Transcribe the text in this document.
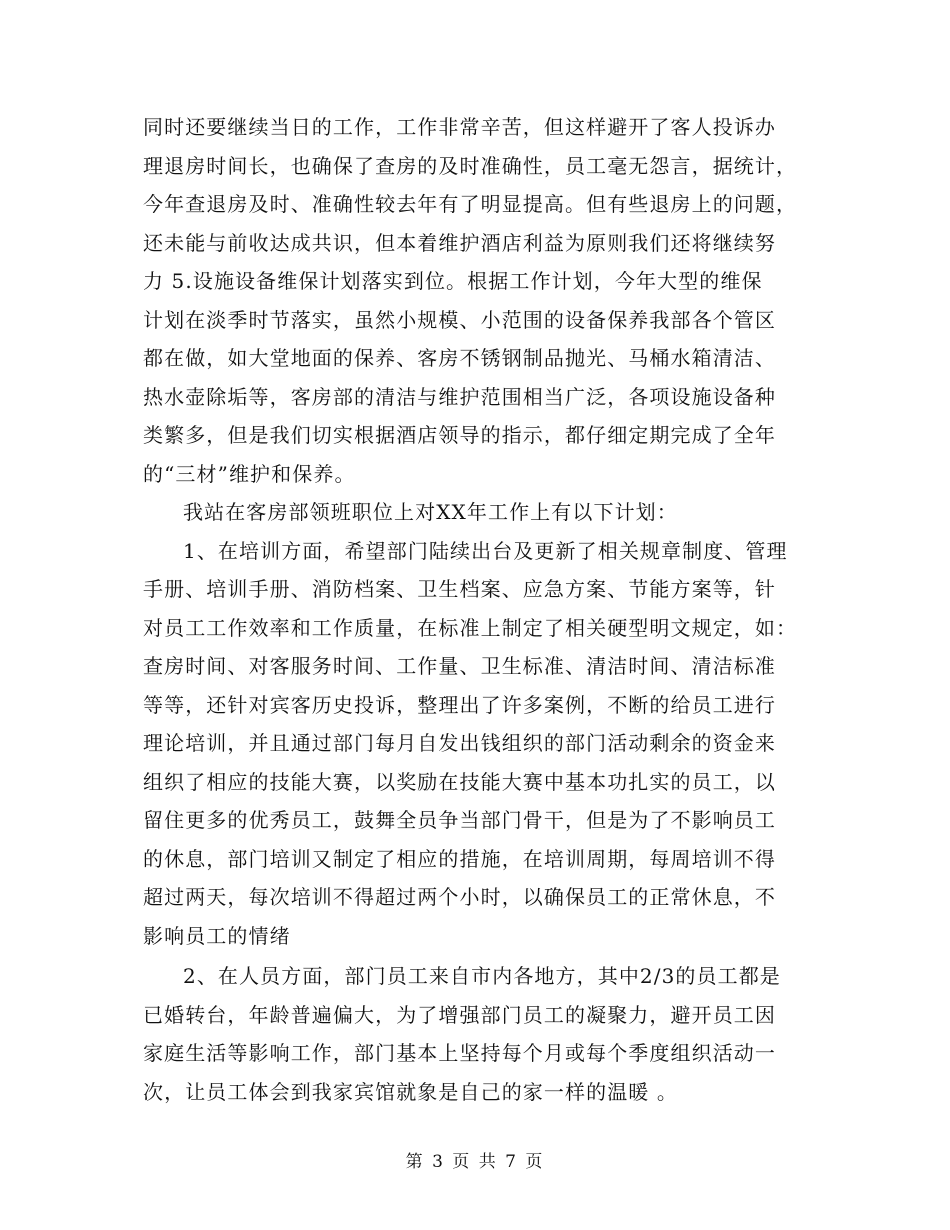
同时还要继续当日的工作，工作非常辛苦，但这样避开了客人投诉办
理退房时间长，也确保了查房的及时准确性，员工毫无怨言，据统计，
今年查退房及时、准确性较去年有了明显提高。但有些退房上的问题，
还未能与前收达成共识，但本着维护酒店利益为原则我们还将继续努
力 5.设施设备维保计划落实到位。根据工作计划，今年大型的维保
计划在淡季时节落实，虽然小规模、小范围的设备保养我部各个管区
都在做，如大堂地面的保养、客房不锈钢制品抛光、马桶水箱清洁、
热水壶除垢等，客房部的清洁与维护范围相当广泛，各项设施设备种
类繁多，但是我们切实根据酒店领导的指示，都仔细定期完成了全年
的“三材”维护和保养。

我站在客房部领班职位上对XX年工作上有以下计划：

1、在培训方面，希望部门陆续出台及更新了相关规章制度、管理
手册、培训手册、消防档案、卫生档案、应急方案、节能方案等，针
对员工工作效率和工作质量，在标准上制定了相关硬型明文规定，如：
查房时间、对客服务时间、工作量、卫生标准、清洁时间、清洁标准
等等，还针对宾客历史投诉，整理出了许多案例，不断的给员工进行
理论培训，并且通过部门每月自发出钱组织的部门活动剩余的资金来
组织了相应的技能大赛，以奖励在技能大赛中基本功扎实的员工，以
留住更多的优秀员工，鼓舞全员争当部门骨干，但是为了不影响员工
的休息，部门培训又制定了相应的措施，在培训周期，每周培训不得
超过两天，每次培训不得超过两个小时，以确保员工的正常休息，不
影响员工的情绪

2、在人员方面，部门员工来自市内各地方，其中2/3的员工都是
已婚转台，年龄普遍偏大，为了增强部门员工的凝聚力，避开员工因
家庭生活等影响工作，部门基本上坚持每个月或每个季度组织活动一
次，让员工体会到我家宾馆就象是自己的家一样的温暖 。

第 3 页 共 7 页
